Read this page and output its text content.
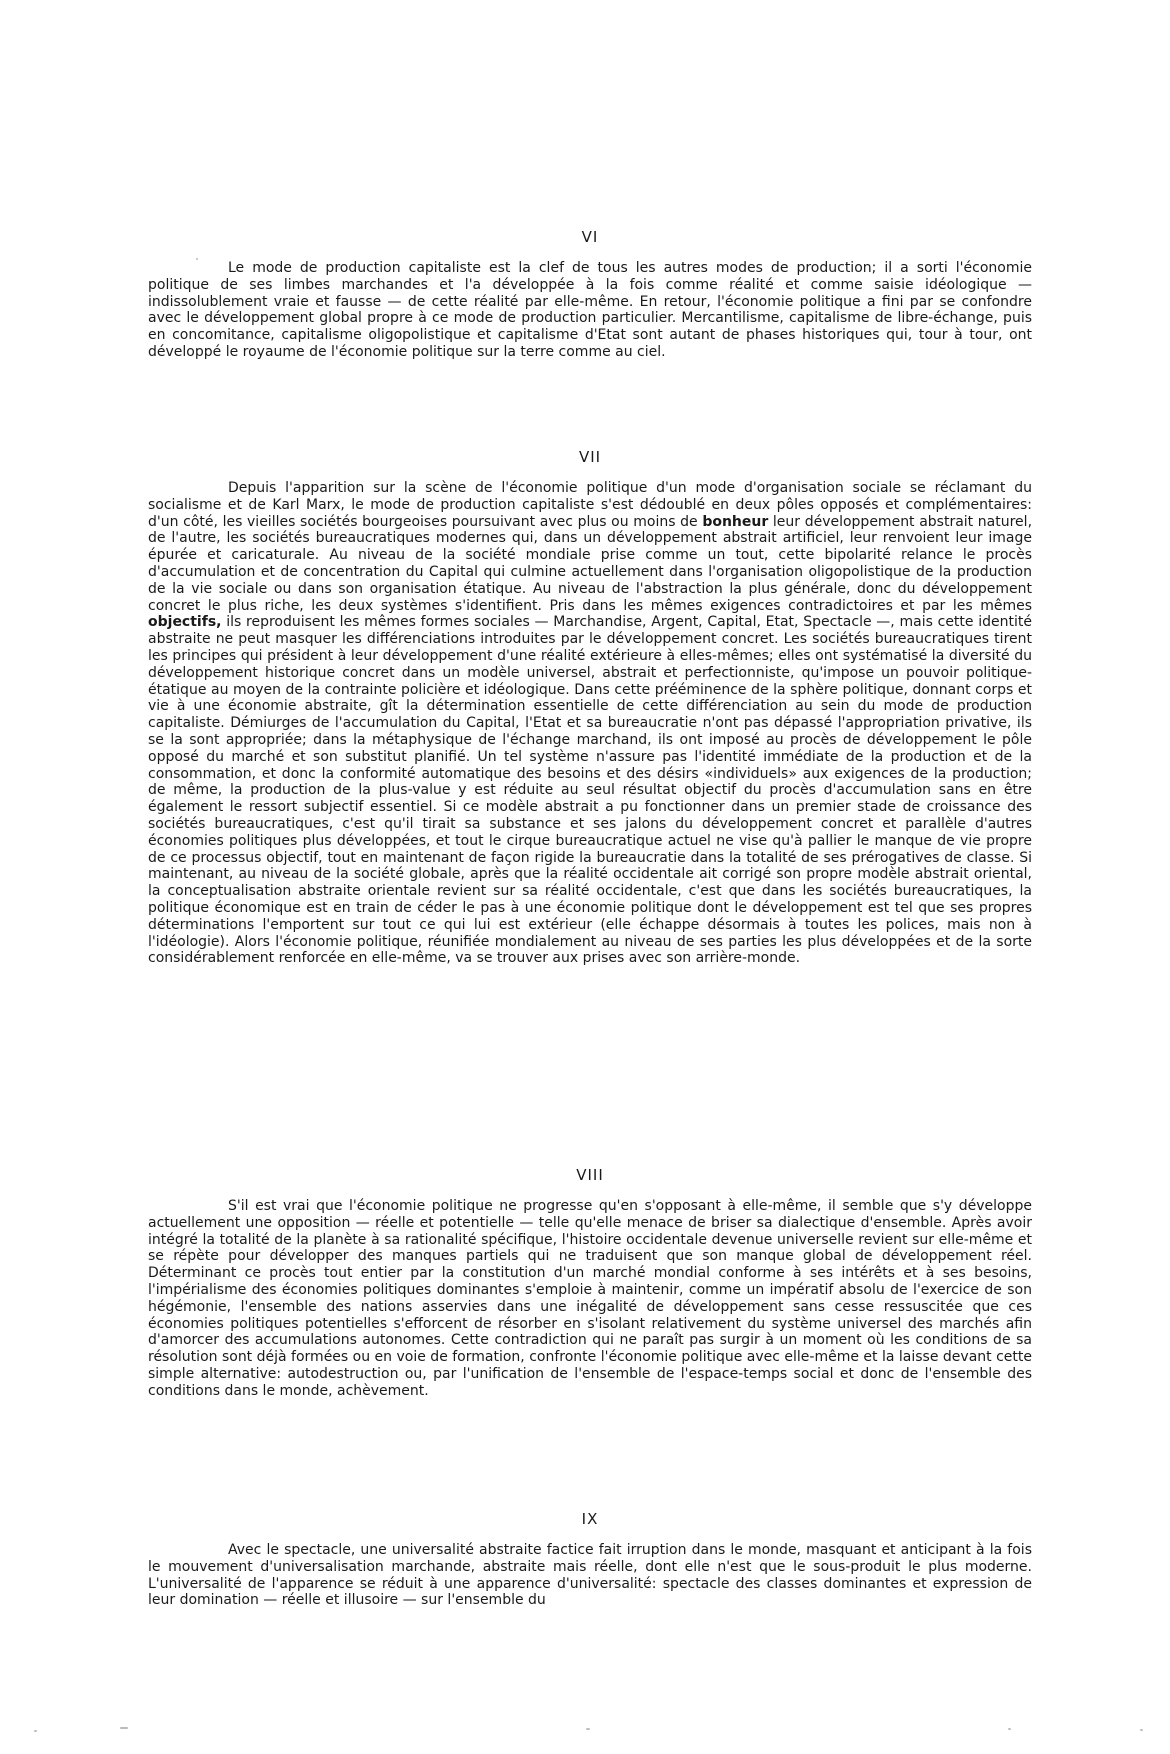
VI

Le mode de production capitaliste est la clef de tous les autres modes de production; il a sorti l'économie politique de ses limbes marchandes et l'a développée à la fois comme réalité et comme saisie idéologique — indissolublement vraie et fausse — de cette réalité par elle-même. En retour, l'économie politique a fini par se confondre avec le développement global propre à ce mode de production particulier. Mercantilisme, capitalisme de libre-échange, puis en concomitance, capitalisme oligopolistique et capitalisme d'Etat sont autant de phases historiques qui, tour à tour, ont développé le royaume de l'économie politique sur la terre comme au ciel.

VII

Depuis l'apparition sur la scène de l'économie politique d'un mode d'organisation sociale se réclamant du socialisme et de Karl Marx, le mode de production capitaliste s'est dédoublé en deux pôles opposés et complémentaires: d'un côté, les vieilles sociétés bourgeoises poursuivant avec plus ou moins de bonheur leur développement abstrait naturel, de l'autre, les sociétés bureaucratiques modernes qui, dans un développement abstrait artificiel, leur renvoient leur image épurée et caricaturale. Au niveau de la société mondiale prise comme un tout, cette bipolarité relance le procès d'accumulation et de concentration du Capital qui culmine actuellement dans l'organisation oligopolistique de la production de la vie sociale ou dans son organisation étatique. Au niveau de l'abstraction la plus générale, donc du développement concret le plus riche, les deux systèmes s'identifient. Pris dans les mêmes exigences contradictoires et par les mêmes objectifs, ils reproduisent les mêmes formes sociales — Marchandise, Argent, Capital, Etat, Spectacle —, mais cette identité abstraite ne peut masquer les différenciations introduites par le développement concret. Les sociétés bureaucratiques tirent les principes qui président à leur développement d'une réalité extérieure à elles-mêmes; elles ont systématisé la diversité du développement historique concret dans un modèle universel, abstrait et perfectionniste, qu'impose un pouvoir politique-étatique au moyen de la contrainte policière et idéologique. Dans cette prééminence de la sphère politique, donnant corps et vie à une économie abstraite, gît la détermination essentielle de cette différenciation au sein du mode de production capitaliste. Démiurges de l'accumulation du Capital, l'Etat et sa bureaucratie n'ont pas dépassé l'appropriation privative, ils se la sont appropriée; dans la métaphysique de l'échange marchand, ils ont imposé au procès de développement le pôle opposé du marché et son substitut planifié. Un tel système n'assure pas l'identité immédiate de la production et de la consommation, et donc la conformité automatique des besoins et des désirs «individuels» aux exigences de la production; de même, la production de la plus-value y est réduite au seul résultat objectif du procès d'accumulation sans en être également le ressort subjectif essentiel. Si ce modèle abstrait a pu fonctionner dans un premier stade de croissance des sociétés bureaucratiques, c'est qu'il tirait sa substance et ses jalons du développement concret et parallèle d'autres économies politiques plus développées, et tout le cirque bureaucratique actuel ne vise qu'à pallier le manque de vie propre de ce processus objectif, tout en maintenant de façon rigide la bureaucratie dans la totalité de ses prérogatives de classe. Si maintenant, au niveau de la société globale, après que la réalité occidentale ait corrigé son propre modèle abstrait oriental, la conceptualisation abstraite orientale revient sur sa réalité occidentale, c'est que dans les sociétés bureaucratiques, la politique économique est en train de céder le pas à une économie politique dont le développement est tel que ses propres déterminations l'emportent sur tout ce qui lui est extérieur (elle échappe désormais à toutes les polices, mais non à l'idéologie). Alors l'économie politique, réunifiée mondialement au niveau de ses parties les plus développées et de la sorte considérablement renforcée en elle-même, va se trouver aux prises avec son arrière-monde.

VIII

S'il est vrai que l'économie politique ne progresse qu'en s'opposant à elle-même, il semble que s'y développe actuellement une opposition — réelle et potentielle — telle qu'elle menace de briser sa dialectique d'ensemble. Après avoir intégré la totalité de la planète à sa rationalité spécifique, l'histoire occidentale devenue universelle revient sur elle-même et se répète pour développer des manques partiels qui ne traduisent que son manque global de développement réel. Déterminant ce procès tout entier par la constitution d'un marché mondial conforme à ses intérêts et à ses besoins, l'impérialisme des économies politiques dominantes s'emploie à maintenir, comme un impératif absolu de l'exercice de son hégémonie, l'ensemble des nations asservies dans une inégalité de développement sans cesse ressuscitée que ces économies politiques potentielles s'efforcent de résorber en s'isolant relativement du système universel des marchés afin d'amorcer des accumulations autonomes. Cette contradiction qui ne paraît pas surgir à un moment où les conditions de sa résolution sont déjà formées ou en voie de formation, confronte l'économie politique avec elle-même et la laisse devant cette simple alternative: autodestruction ou, par l'unification de l'ensemble de l'espace-temps social et donc de l'ensemble des conditions dans le monde, achèvement.

IX

Avec le spectacle, une universalité abstraite factice fait irruption dans le monde, masquant et anticipant à la fois le mouvement d'universalisation marchande, abstraite mais réelle, dont elle n'est que le sous-produit le plus moderne. L'universalité de l'apparence se réduit à une apparence d'universalité: spectacle des classes dominantes et expression de leur domination — réelle et illusoire — sur l'ensemble du
